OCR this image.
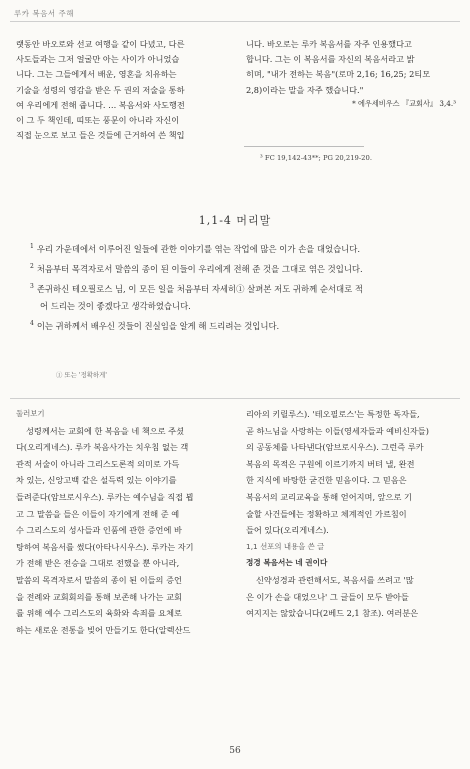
루카 복음서 주해

랫동안 바오로와 선교 여행을 같이 다녔고, 다른

사도들과는 그저 얼굴만 아는 사이가 아니었습

니다. 그는 그들에게서 배운, 영혼을 치유하는

기술을 성령의 영감을 받은 두 권의 저술을 통하

여 우리에게 전해 줍니다. … 복음서와 사도행전

이 그 두 책인데, 띠또는 풍문이 아니라 자신이

직접 눈으로 보고 들은 것들에 근거하여 쓴 책입

니다. 바오로는 루카 복음서를 자주 인용했다고

합니다. 그는 이 복음서를 자신의 복음서라고 밝

히며, "내가 전하는 복음"(로마 2,16; 16,25; 2티모

2,8)이라는 말을 자주 했습니다."

* 에우세비우스 『교회사』 3,4.³

³ FC 19,142-43**; PG 20,219-20.
1,1-4 머리말
$^1$ 우리 가운데에서 이루어진 일들에 관한 이야기를 엮는 작업에 많은 이가 손을 대었습니다.
$^2$ 처음부터 목격자로서 말씀의 종이 된 이들이 우리에게 전해 준 것을 그대로 엮은 것입니다.
$^3$ 존귀하신 테오필로스 님, 이 모든 일을 처음부터 자세히① 살펴본 저도 귀하께 순서대로 적
어 드리는 것이 좋겠다고 생각하였습니다.
$^4$ 이는 귀하께서 배우신 것들이 진실임을 알게 해 드리려는 것입니다.
① 또는 '정확하게'

둘러보기

성령께서는 교회에 한 복음을 네 책으로 주셨

다(오리게네스). 루카 복음사가는 치우침 없는 객

관적 서술이 아니라 그리스도론적 의미로 가득

차 있는, 신앙고백 같은 설득력 있는 이야기를

들려준다(암브로시우스). 루카는 예수님을 직접 뵙

고 그 말씀을 들은 이들이 자기에게 전해 준 예

수 그리스도의 성사들과 인품에 관한 증언에 바

탕하여 복음서를 썼다(아타나시우스). 루카는 자기

가 전해 받은 전승을 그대로 전했을 뿐 아니라,

말씀의 목격자로서 말씀의 종이 된 이들의 증언

을 전례와 교회회의를 통해 보존해 나가는 교회

를 위해 예수 그리스도의 육화와 속죄를 요체로

하는 새로운 전통을 빚어 만들기도 한다(알렉산드

리아의 키릴루스). '테오필로스'는 특정한 독자들,

곧 하느님을 사랑하는 이들(영세자들과 예비신자들)

의 공동체를 나타낸다(암브로시우스). 그런즉 루카

복음의 목적은 구원에 이르기까지 버텨 낼, 완전

한 지식에 바탕한 굳건한 믿음이다. 그 믿음은

복음서의 교리교육을 통해 얻어지며, 앞으로 기

술할 사건들에는 정확하고 체계적인 가르침이

들어 있다(오리게네스).

1,1 선포의 내용을 쓴 글

정경 복음서는 네 권이다

신약성경과 관련해서도, 복음서를 쓰려고 '많

은 이가 손을 대었으나' 그 글들이 모두 받아들

여지지는 않았습니다(2베드 2,1 참조). 여러분은

56
